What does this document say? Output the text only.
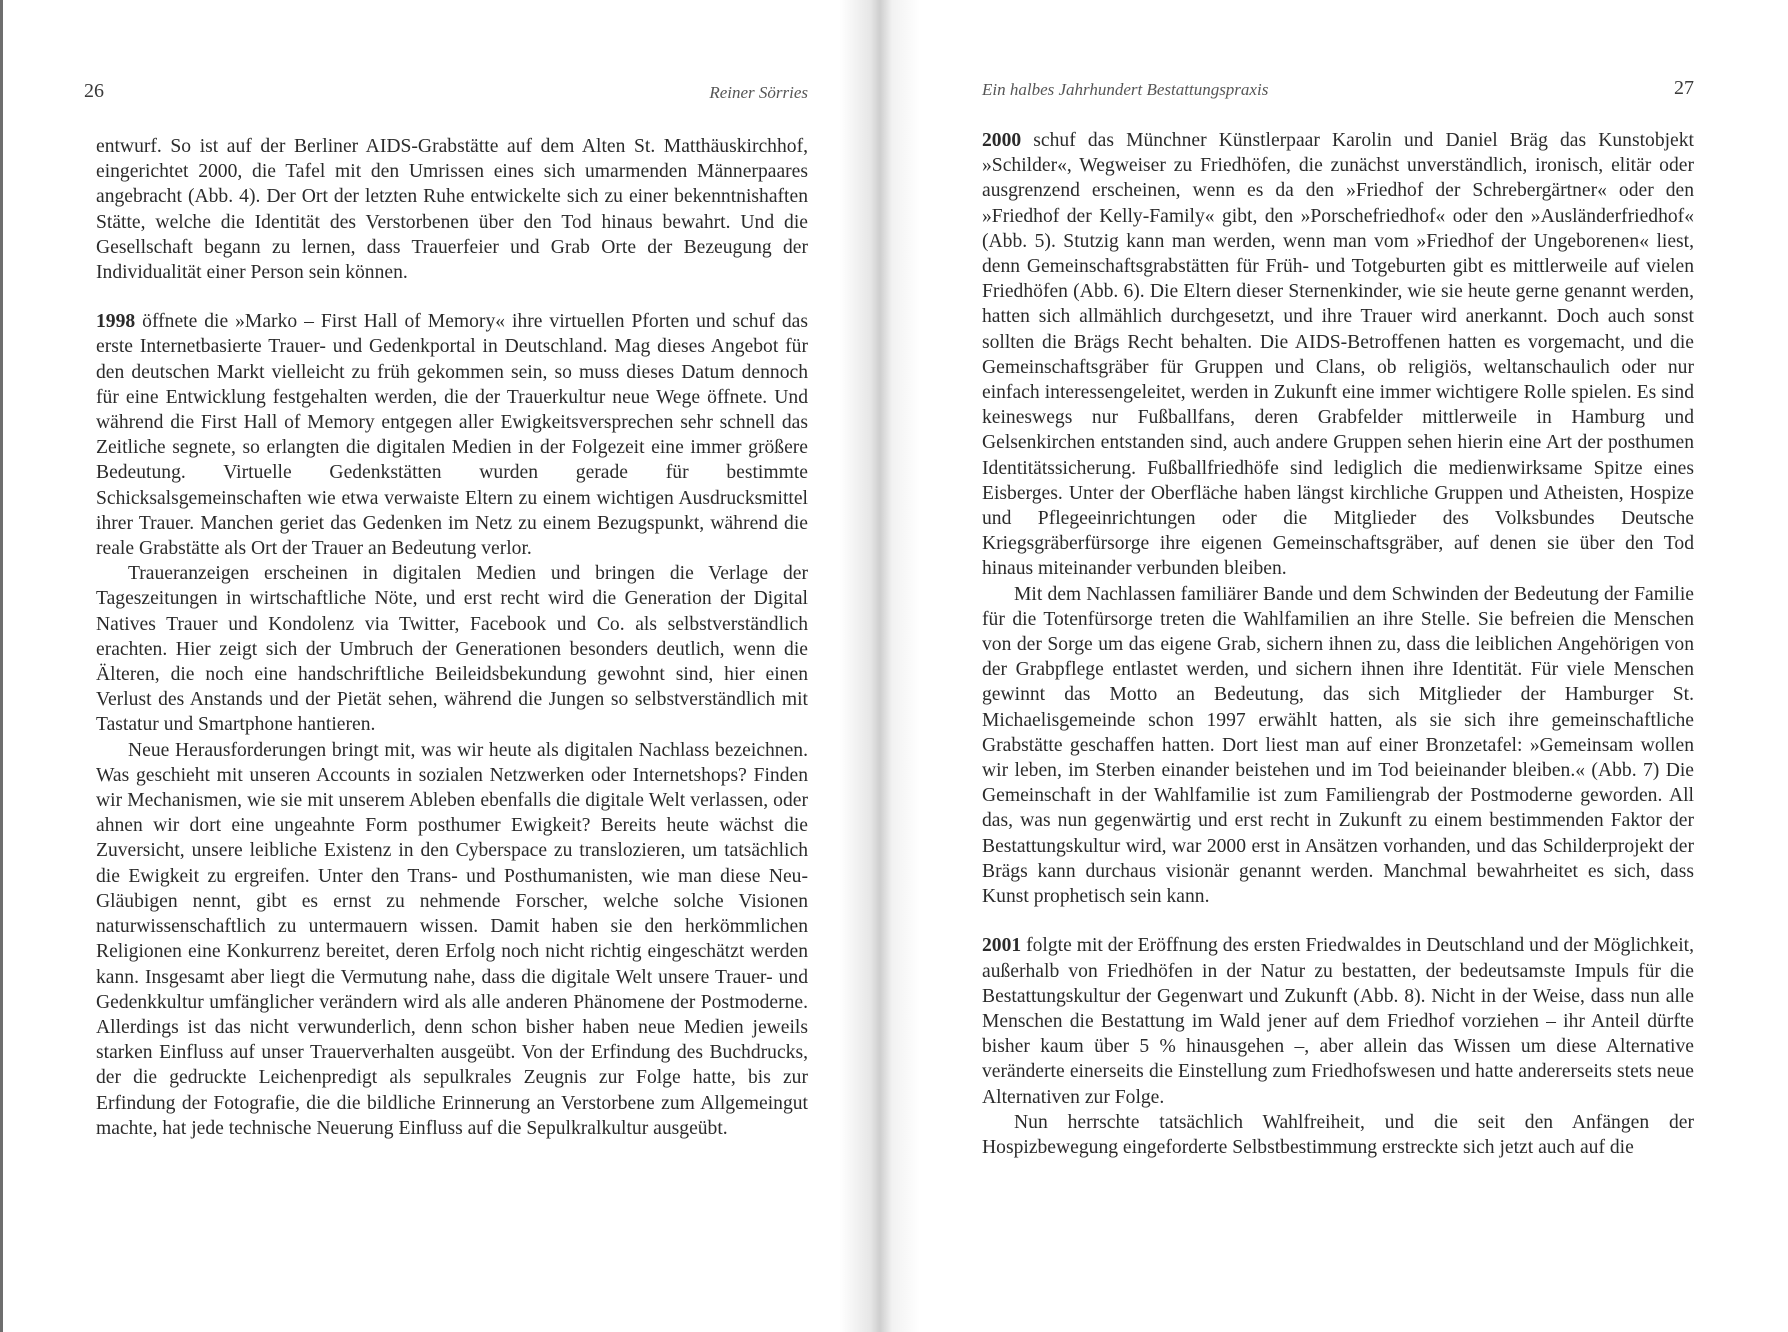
26	Reiner Sörries

entwurf. So ist auf der Berliner AIDS-Grabstätte auf dem Alten St. Matthäuskirchhof, eingerichtet 2000, die Tafel mit den Umrissen eines sich umarmenden Männerpaares angebracht (Abb. 4). Der Ort der letzten Ruhe entwickelte sich zu einer bekenntnishaften Stätte, welche die Identität des Verstorbenen über den Tod hinaus bewahrt. Und die Gesellschaft begann zu lernen, dass Trauerfeier und Grab Orte der Bezeugung der Individualität einer Person sein können.

1998 öffnete die »Marko – First Hall of Memory« ihre virtuellen Pforten und schuf das erste Internetbasierte Trauer- und Gedenkportal in Deutschland. Mag dieses Angebot für den deutschen Markt vielleicht zu früh gekommen sein, so muss dieses Datum dennoch für eine Entwicklung festgehalten werden, die der Trauerkultur neue Wege öffnete. Und während die First Hall of Memory entgegen aller Ewigkeitsversprechen sehr schnell das Zeitliche segnete, so erlangten die digitalen Medien in der Folgezeit eine immer größere Bedeutung. Virtuelle Gedenkstätten wurden gerade für bestimmte Schicksalsgemeinschaften wie etwa verwaiste Eltern zu einem wichtigen Ausdrucksmittel ihrer Trauer. Manchen geriet das Gedenken im Netz zu einem Bezugspunkt, während die reale Grabstätte als Ort der Trauer an Bedeutung verlor.

Traueranzeigen erscheinen in digitalen Medien und bringen die Verlage der Tageszeitungen in wirtschaftliche Nöte, und erst recht wird die Generation der Digital Natives Trauer und Kondolenz via Twitter, Facebook und Co. als selbstverständlich erachten. Hier zeigt sich der Umbruch der Generationen besonders deutlich, wenn die Älteren, die noch eine handschriftliche Beileidsbekundung gewohnt sind, hier einen Verlust des Anstands und der Pietät sehen, während die Jungen so selbstverständlich mit Tastatur und Smartphone hantieren.

Neue Herausforderungen bringt mit, was wir heute als digitalen Nachlass bezeichnen. Was geschieht mit unseren Accounts in sozialen Netzwerken oder Internetshops? Finden wir Mechanismen, wie sie mit unserem Ableben ebenfalls die digitale Welt verlassen, oder ahnen wir dort eine ungeahnte Form posthumer Ewigkeit? Bereits heute wächst die Zuversicht, unsere leibliche Existenz in den Cyberspace zu translozieren, um tatsächlich die Ewigkeit zu ergreifen. Unter den Trans- und Posthumanisten, wie man diese Neu-Gläubigen nennt, gibt es ernst zu nehmende Forscher, welche solche Visionen naturwissenschaftlich zu untermauern wissen. Damit haben sie den herkömmlichen Religionen eine Konkurrenz bereitet, deren Erfolg noch nicht richtig eingeschätzt werden kann. Insgesamt aber liegt die Vermutung nahe, dass die digitale Welt unsere Trauer- und Gedenkkultur umfänglicher verändern wird als alle anderen Phänomene der Postmoderne. Allerdings ist das nicht verwunderlich, denn schon bisher haben neue Medien jeweils starken Einfluss auf unser Trauerverhalten ausgeübt. Von der Erfindung des Buchdrucks, der die gedruckte Leichenpredigt als sepulkrales Zeugnis zur Folge hatte, bis zur Erfindung der Fotografie, die die bildliche Erinnerung an Verstorbene zum Allgemeingut machte, hat jede technische Neuerung Einfluss auf die Sepulkralkultur ausgeübt.

Ein halbes Jahrhundert Bestattungspraxis	27

2000 schuf das Münchner Künstlerpaar Karolin und Daniel Bräg das Kunstobjekt »Schilder«, Wegweiser zu Friedhöfen, die zunächst unverständlich, ironisch, elitär oder ausgrenzend erscheinen, wenn es da den »Friedhof der Schrebergärtner« oder den »Friedhof der Kelly-Family« gibt, den »Porschefriedhof« oder den »Ausländerfriedhof« (Abb. 5). Stutzig kann man werden, wenn man vom »Friedhof der Ungeborenen« liest, denn Gemeinschaftsgrabstätten für Früh- und Totgeburten gibt es mittlerweile auf vielen Friedhöfen (Abb. 6). Die Eltern dieser Sternenkinder, wie sie heute gerne genannt werden, hatten sich allmählich durchgesetzt, und ihre Trauer wird anerkannt. Doch auch sonst sollten die Brägs Recht behalten. Die AIDS-Betroffenen hatten es vorgemacht, und die Gemeinschaftsgräber für Gruppen und Clans, ob religiös, weltanschaulich oder nur einfach interessengeleitet, werden in Zukunft eine immer wichtigere Rolle spielen. Es sind keineswegs nur Fußballfans, deren Grabfelder mittlerweile in Hamburg und Gelsenkirchen entstanden sind, auch andere Gruppen sehen hierin eine Art der posthumen Identitätssicherung. Fußballfriedhöfe sind lediglich die medienwirksame Spitze eines Eisberges. Unter der Oberfläche haben längst kirchliche Gruppen und Atheisten, Hospize und Pflegeeinrichtungen oder die Mitglieder des Volksbundes Deutsche Kriegsgräberfürsorge ihre eigenen Gemeinschaftsgräber, auf denen sie über den Tod hinaus miteinander verbunden bleiben.

Mit dem Nachlassen familiärer Bande und dem Schwinden der Bedeutung der Familie für die Totenfürsorge treten die Wahlfamilien an ihre Stelle. Sie befreien die Menschen von der Sorge um das eigene Grab, sichern ihnen zu, dass die leiblichen Angehörigen von der Grabpflege entlastet werden, und sichern ihnen ihre Identität. Für viele Menschen gewinnt das Motto an Bedeutung, das sich Mitglieder der Hamburger St. Michaelisgemeinde schon 1997 erwählt hatten, als sie sich ihre gemeinschaftliche Grabstätte geschaffen hatten. Dort liest man auf einer Bronzetafel: »Gemeinsam wollen wir leben, im Sterben einander beistehen und im Tod beieinander bleiben.« (Abb. 7) Die Gemeinschaft in der Wahlfamilie ist zum Familiengrab der Postmoderne geworden. All das, was nun gegenwärtig und erst recht in Zukunft zu einem bestimmenden Faktor der Bestattungskultur wird, war 2000 erst in Ansätzen vorhanden, und das Schilderprojekt der Brägs kann durchaus visionär genannt werden. Manchmal bewahrheitet es sich, dass Kunst prophetisch sein kann.

2001 folgte mit der Eröffnung des ersten Friedwaldes in Deutschland und der Möglichkeit, außerhalb von Friedhöfen in der Natur zu bestatten, der bedeutsamste Impuls für die Bestattungskultur der Gegenwart und Zukunft (Abb. 8). Nicht in der Weise, dass nun alle Menschen die Bestattung im Wald jener auf dem Friedhof vorziehen – ihr Anteil dürfte bisher kaum über 5 % hinausgehen –, aber allein das Wissen um diese Alternative veränderte einerseits die Einstellung zum Friedhofswesen und hatte andererseits stets neue Alternativen zur Folge.

Nun herrschte tatsächlich Wahlfreiheit, und die seit den Anfängen der Hospizbewegung eingeforderte Selbstbestimmung erstreckte sich jetzt auch auf die
